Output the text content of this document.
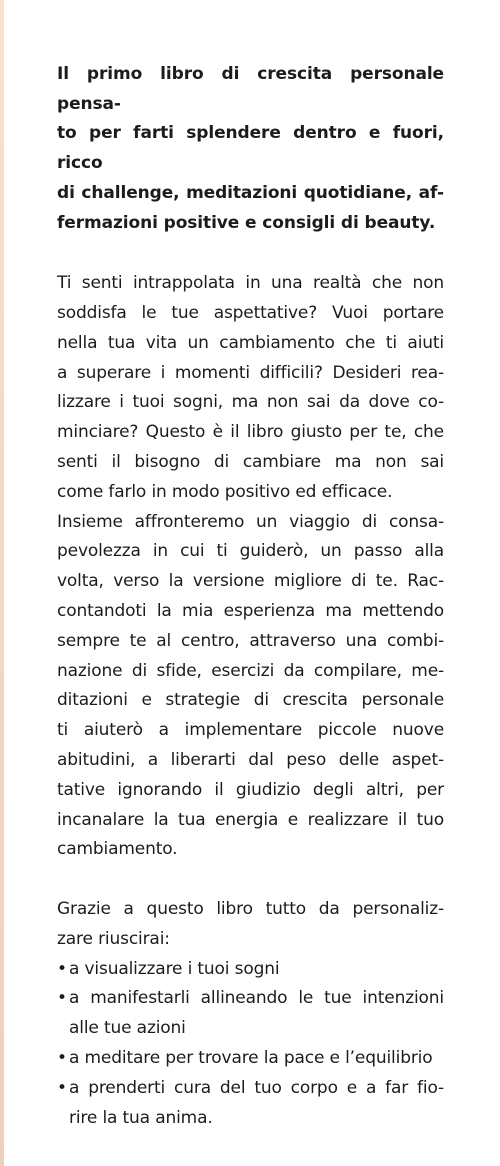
Il primo libro di crescita personale pensa-
to per farti splendere dentro e fuori, ricco
di challenge, meditazioni quotidiane, af-
fermazioni positive e consigli di beauty.

Ti senti intrappolata in una realtà che non
soddisfa le tue aspettative? Vuoi portare
nella tua vita un cambiamento che ti aiuti
a superare i momenti difficili? Desideri rea-
lizzare i tuoi sogni, ma non sai da dove co-
minciare? Questo è il libro giusto per te, che
senti il bisogno di cambiare ma non sai
come farlo in modo positivo ed efficace.
Insieme affronteremo un viaggio di consa-
pevolezza in cui ti guiderò, un passo alla
volta, verso la versione migliore di te. Rac-
contandoti la mia esperienza ma mettendo
sempre te al centro, attraverso una combi-
nazione di sfide, esercizi da compilare, me-
ditazioni e strategie di crescita personale
ti aiuterò a implementare piccole nuove
abitudini, a liberarti dal peso delle aspet-
tative ignorando il giudizio degli altri, per
incanalare la tua energia e realizzare il tuo
cambiamento.

Grazie a questo libro tutto da personaliz-
zare riuscirai:

• a visualizzare i tuoi sogni
• a manifestarli allineando le tue intenzioni
alle tue azioni
• a meditare per trovare la pace e l’equilibrio
• a prenderti cura del tuo corpo e a far fio-
rire la tua anima.
